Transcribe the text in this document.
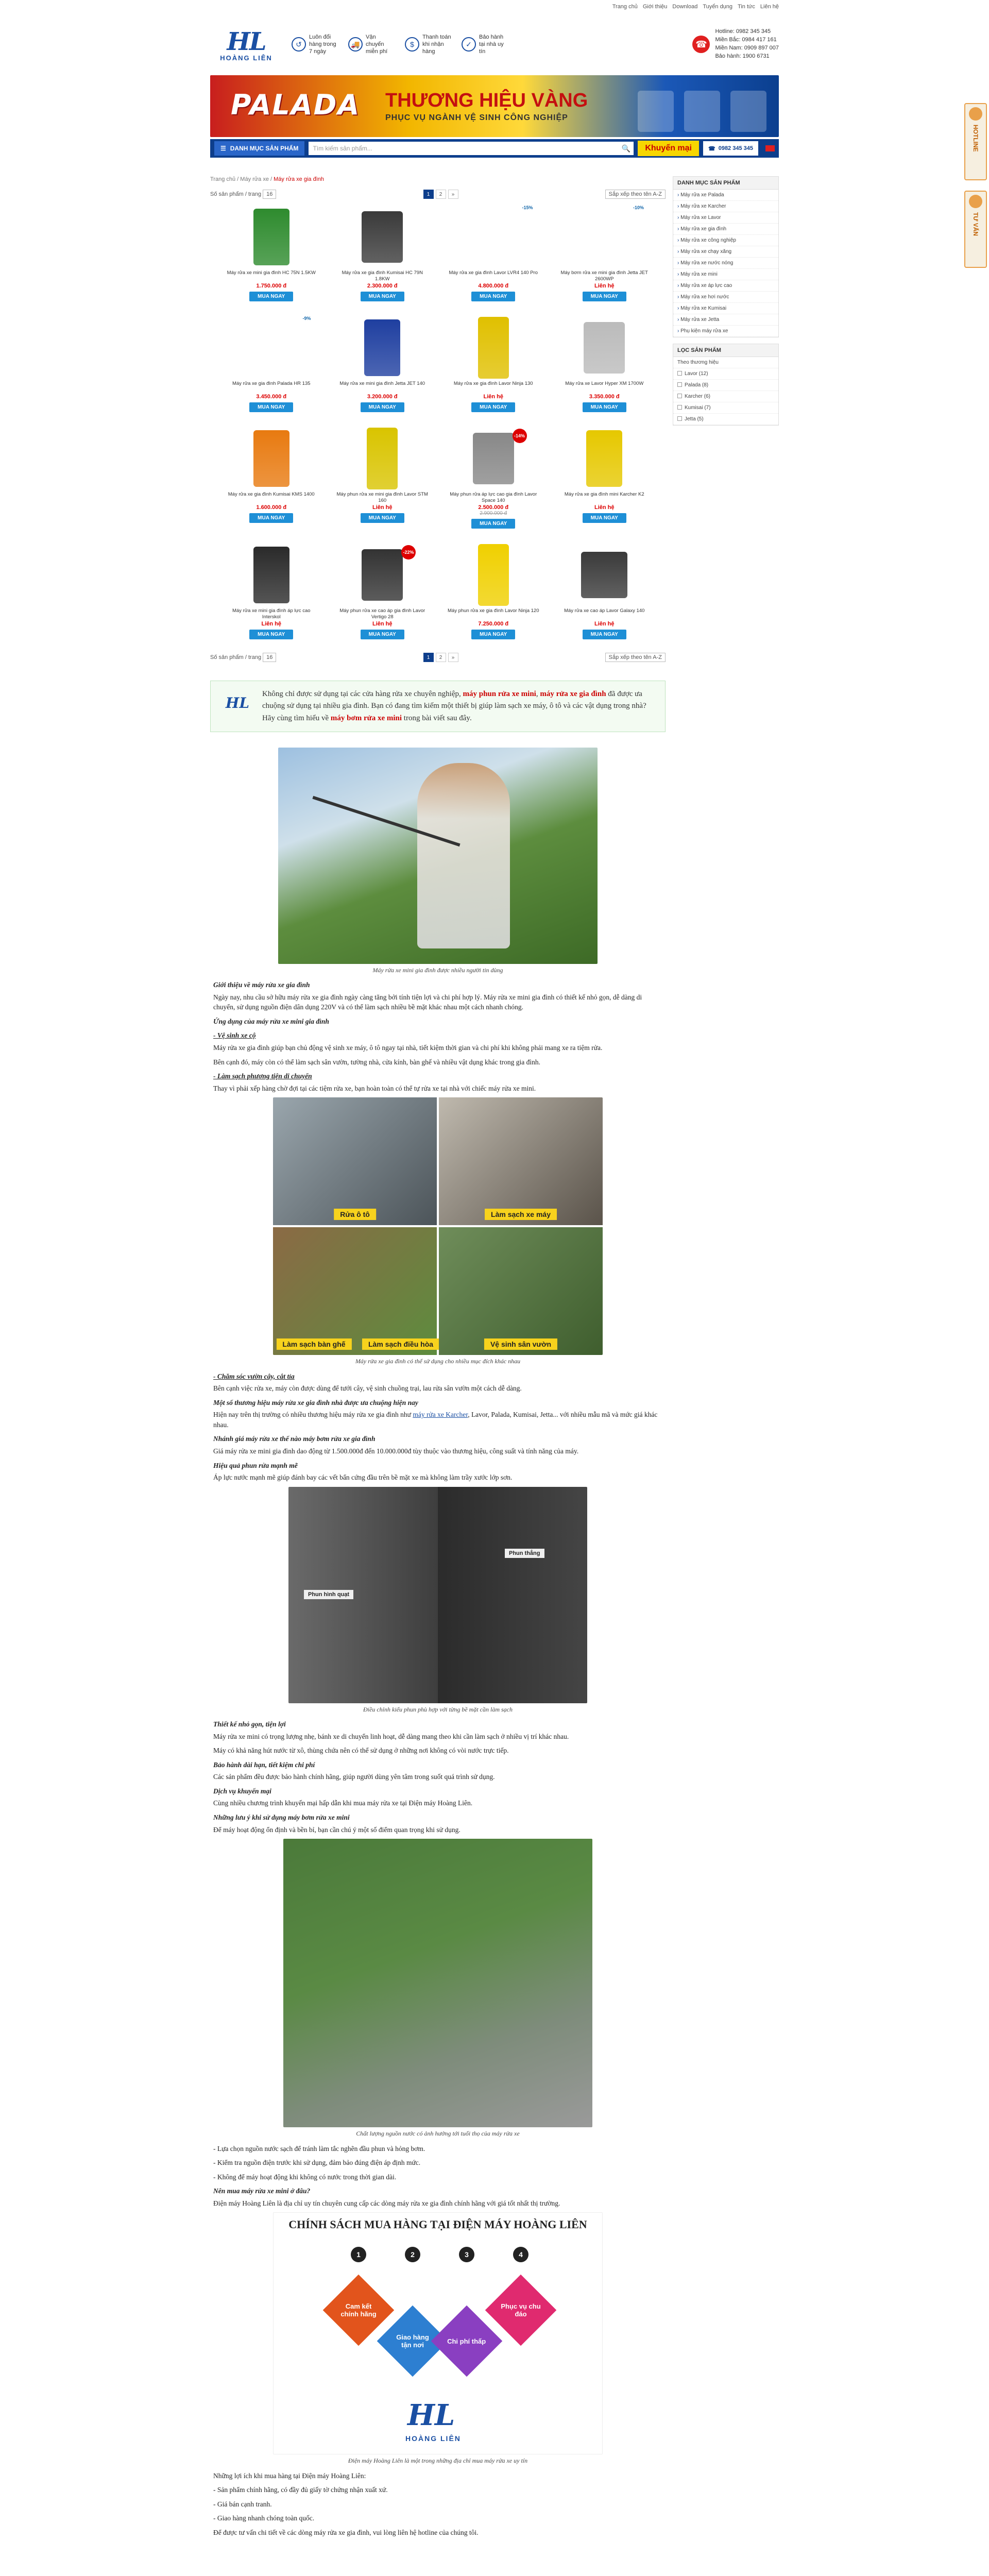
Trang chủ Giới thiệu Download Tuyển dụng Tin tức Liên hệ
HL
HOÀNG LIÊN
↺
Luôn đổi hàng trong 7 ngày
🚚
Vận chuyển miễn phí
$
Thanh toán khi nhận hàng
✓
Bảo hành tại nhà uy tín
☎
Hotline: 0982 345 345
Miền Bắc: 0984 417 161
Miền Nam: 0909 897 007
Bảo hành: 1900 6731
PALADA THƯƠNG HIỆU VÀNG
PHỤC VỤ NGÀNH VỆ SINH CÔNG NGHIỆP
☰ DANH MỤC SẢN PHẨM Tìm kiếm sản phẩm...	🔍	Khuyến mại	☎ 0982 345 345
Trang chủ / Máy rửa xe / Máy rửa xe gia đình
Số sản phẩm / trang 16	1	2	»	Sắp xếp theo tên A-Z
Máy rửa xe mini gia đình HC 75N 1.5KW
1.750.000 đ
MUA NGAY
Máy rửa xe gia đình Kumisai HC 79N 1.8KW
2.300.000 đ
MUA NGAY
-15%
Máy rửa xe gia đình Lavor LVR4 140 Pro
4.800.000 đ
MUA NGAY
-10%
Máy bơm rửa xe mini gia đình Jetta JET 2600WP
Liên hệ
MUA NGAY
-9%
Máy rửa xe gia đình Palada HR 135
3.450.000 đ
MUA NGAY
Máy rửa xe mini gia đình Jetta JET 140
3.200.000 đ
MUA NGAY
Máy rửa xe gia đình Lavor Ninja 130
Liên hệ
MUA NGAY
Máy rửa xe Lavor Hyper XM 1700W
3.350.000 đ
MUA NGAY
Máy rửa xe gia đình Kumisai KMS 1400
1.600.000 đ
MUA NGAY
Máy phun rửa xe mini gia đình Lavor STM 160
Liên hệ
MUA NGAY
-14%
Máy phun rửa áp lực cao gia đình Lavor Space 140
2.500.000 đ
2.900.000 đ
MUA NGAY
Máy rửa xe gia đình mini Karcher K2
Liên hệ
MUA NGAY
Máy rửa xe mini gia đình áp lực cao Interskol
Liên hệ
MUA NGAY
-22%
Máy phun rửa xe cao áp gia đình Lavor Vertigo 28
Liên hệ
MUA NGAY
Máy phun rửa xe gia đình Lavor Ninja 120
7.250.000 đ
MUA NGAY
Máy rửa xe cao áp Lavor Galaxy 140
Liên hệ
MUA NGAY
Số sản phẩm / trang 16	1	2	»	Sắp xếp theo tên A-Z
HL

Không chỉ được sử dụng tại các cửa hàng rửa xe chuyên nghiệp, máy phun rửa xe mini, máy rửa xe gia đình đã được ưa chuộng sử dụng tại nhiều gia đình. Bạn có đang tìm kiếm một thiết bị giúp làm sạch xe máy, ô tô và các vật dụng trong nhà? Hãy cùng tìm hiểu về máy bơm rửa xe mini trong bài viết sau đây.

Máy rửa xe mini gia đình được nhiều người tin dùng
Giới thiệu về máy rửa xe gia đình

Ngày nay, nhu cầu sở hữu máy rửa xe gia đình ngày càng tăng bởi tính tiện lợi và chi phí hợp lý. Máy rửa xe mini gia đình có thiết kế nhỏ gọn, dễ dàng di chuyển, sử dụng nguồn điện dân dụng 220V và có thể làm sạch nhiều bề mặt khác nhau một cách nhanh chóng.

Ứng dụng của máy rửa xe mini gia đình
- Vệ sinh xe cộ

Máy rửa xe gia đình giúp bạn chủ động vệ sinh xe máy, ô tô ngay tại nhà, tiết kiệm thời gian và chi phí khi không phải mang xe ra tiệm rửa.

Bên cạnh đó, máy còn có thể làm sạch sân vườn, tường nhà, cửa kính, bàn ghế và nhiều vật dụng khác trong gia đình.

- Làm sạch phương tiện di chuyển

Thay vì phải xếp hàng chờ đợi tại các tiệm rửa xe, bạn hoàn toàn có thể tự rửa xe tại nhà với chiếc máy rửa xe mini.

Rửa ô tô	Làm sạch xe máy
Làm sạch bàn ghế	Làm sạch điều hòa	Vệ sinh sân vườn
Máy rửa xe gia đình có thể sử dụng cho nhiều mục đích khác nhau
- Chăm sóc vườn cây, cắt tỉa

Bên cạnh việc rửa xe, máy còn được dùng để tưới cây, vệ sinh chuồng trại, lau rửa sân vườn một cách dễ dàng.

Một số thương hiệu máy rửa xe gia đình nhà được ưa chuộng hiện nay

Hiện nay trên thị trường có nhiều thương hiệu máy rửa xe gia đình như máy rửa xe Karcher, Lavor, Palada, Kumisai, Jetta... với nhiều mẫu mã và mức giá khác nhau.

Nhánh giá máy rửa xe thế nào máy bơm rửa xe gia đình

Giá máy rửa xe mini gia đình dao động từ 1.500.000đ đến 10.000.000đ tùy thuộc vào thương hiệu, công suất và tính năng của máy.

Hiệu quả phun rửa mạnh mẽ

Áp lực nước mạnh mẽ giúp đánh bay các vết bẩn cứng đầu trên bề mặt xe mà không làm trầy xước lớp sơn.

Phun hình quạt
Phun thẳng
Điều chỉnh kiểu phun phù hợp với từng bề mặt cần làm sạch
Thiết kế nhỏ gọn, tiện lợi

Máy rửa xe mini có trọng lượng nhẹ, bánh xe di chuyển linh hoạt, dễ dàng mang theo khi cần làm sạch ở nhiều vị trí khác nhau.

Máy có khả năng hút nước từ xô, thùng chứa nên có thể sử dụng ở những nơi không có vòi nước trực tiếp.

Bảo hành dài hạn, tiết kiệm chi phí

Các sản phẩm đều được bảo hành chính hãng, giúp người dùng yên tâm trong suốt quá trình sử dụng.

Dịch vụ khuyến mại

Cùng nhiều chương trình khuyến mại hấp dẫn khi mua máy rửa xe tại Điện máy Hoàng Liên.

Những lưu ý khi sử dụng máy bơm rửa xe mini

Để máy hoạt động ổn định và bền bỉ, bạn cần chú ý một số điểm quan trọng khi sử dụng.

Chất lượng nguồn nước có ảnh hưởng tới tuổi thọ của máy rửa xe

- Lựa chọn nguồn nước sạch để tránh làm tắc nghẽn đầu phun và hỏng bơm.

- Kiểm tra nguồn điện trước khi sử dụng, đảm bảo đúng điện áp định mức.

- Không để máy hoạt động khi không có nước trong thời gian dài.

Nên mua máy rửa xe mini ở đâu?

Điện máy Hoàng Liên là địa chỉ uy tín chuyên cung cấp các dòng máy rửa xe gia đình chính hãng với giá tốt nhất thị trường.

CHÍNH SÁCH MUA HÀNG TẠI ĐIỆN MÁY HOÀNG LIÊN
1	2	3	4
Cam kết chính hãng
Giao hàng tận nơi	Chi phí thấp
Phục vụ chu đáo
HL
HOÀNG LIÊN
Điện máy Hoàng Liên là một trong những địa chỉ mua máy rửa xe uy tín

Những lợi ích khi mua hàng tại Điện máy Hoàng Liên:

- Sản phẩm chính hãng, có đầy đủ giấy tờ chứng nhận xuất xứ.

- Giá bán cạnh tranh.

- Giao hàng nhanh chóng toàn quốc.

Để được tư vấn chi tiết về các dòng máy rửa xe gia đình, vui lòng liên hệ hotline của chúng tôi.

DANH MỤC SẢN PHẨM
› Máy rửa xe Palada
› Máy rửa xe Karcher
› Máy rửa xe Lavor
› Máy rửa xe gia đình
› Máy rửa xe công nghiệp
› Máy rửa xe chạy xăng
› Máy rửa xe nước nóng
› Máy rửa xe mini
› Máy rửa xe áp lực cao
› Máy rửa xe hơi nước
› Máy rửa xe Kumisai
› Máy rửa xe Jetta
› Phụ kiện máy rửa xe
LỌC SẢN PHẨM
Theo thương hiệu
Lavor (12)
Palada (8)
Karcher (6)
Kumisai (7)
Jetta (5)
HOTLINE
TƯ VẤN
